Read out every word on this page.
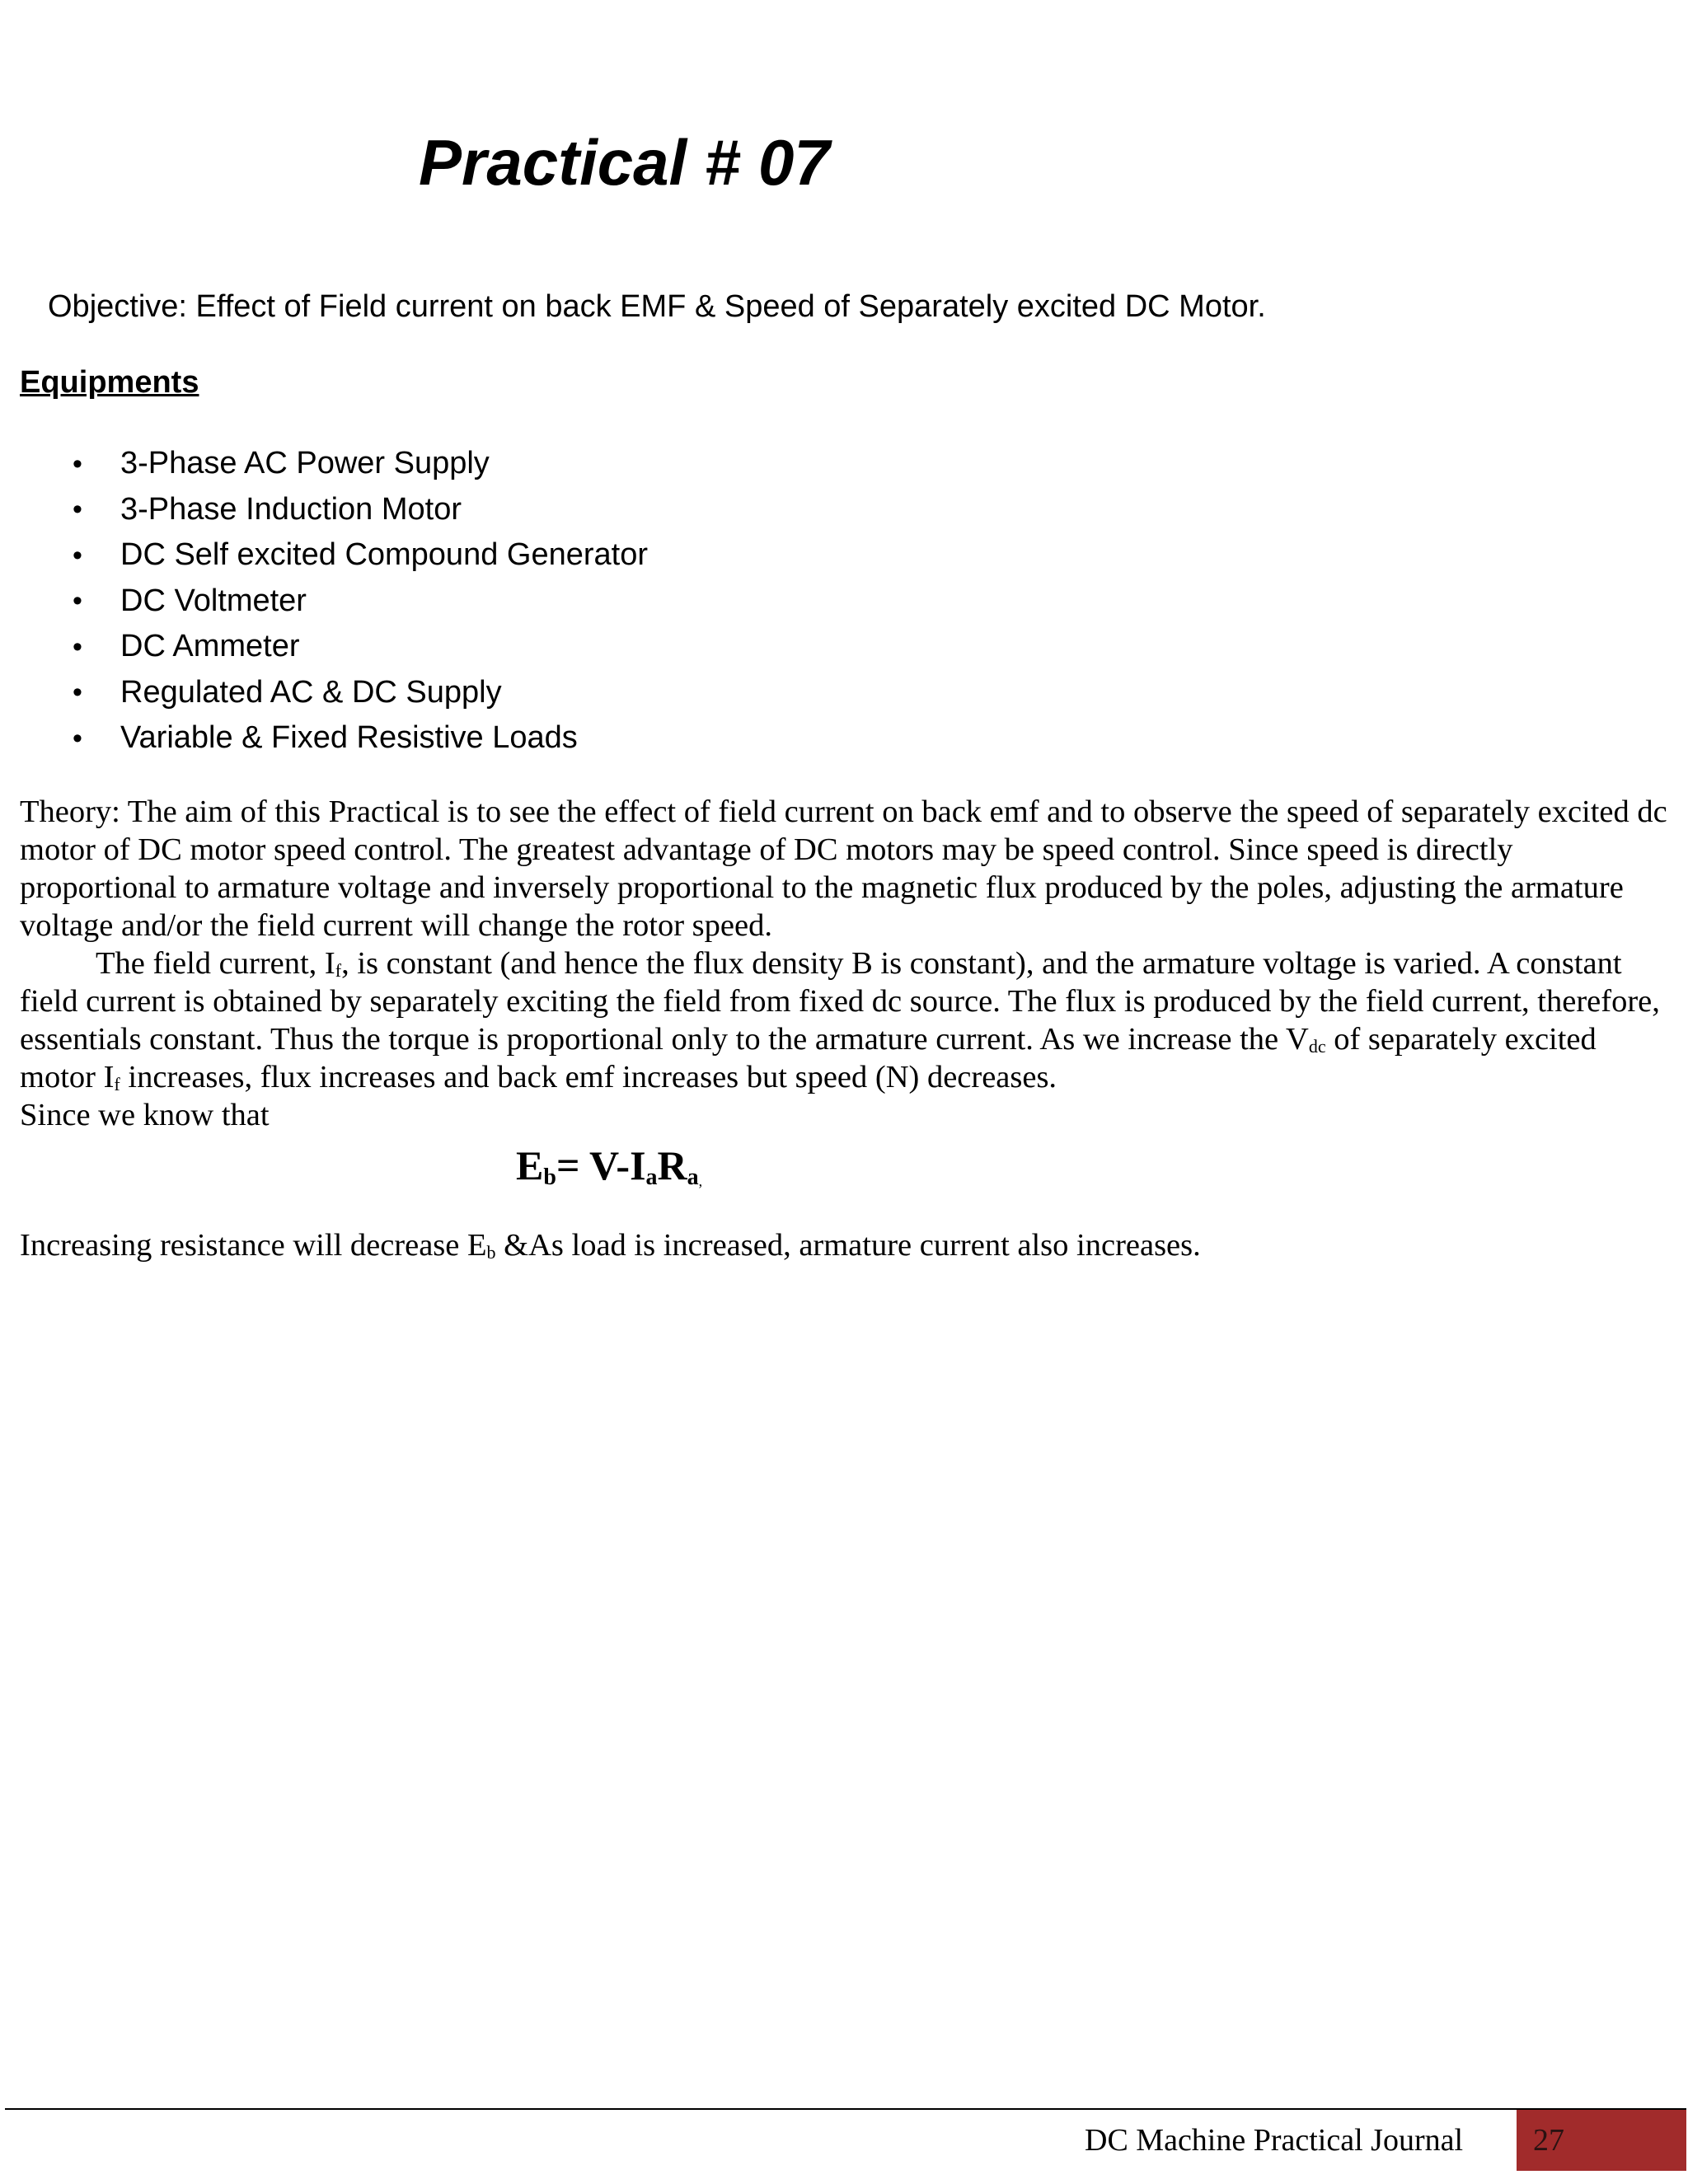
Practical # 07
Objective: Effect of Field current on back EMF & Speed of Separately excited DC Motor.
Equipments
•	3-Phase AC Power Supply
•	3-Phase Induction Motor
•	DC Self excited Compound Generator
•	DC Voltmeter
•	DC Ammeter
•	Regulated AC & DC Supply
•	Variable & Fixed Resistive Loads

Theory: The aim of this Practical is to see the effect of field current on back emf and to observe the speed of separately excited dc motor of DC motor speed control. The greatest advantage of DC motors may be speed control. Since speed is directly proportional to armature voltage and inversely proportional to the magnetic flux produced by the poles, adjusting the armature voltage and/or the field current will change the rotor speed.

The field current, $I_f$, is constant (and hence the flux density B is constant), and the armature voltage is varied. A constant field current is obtained by separately exciting the field from fixed dc source. The flux is produced by the field current, therefore, essentials constant. Thus the torque is proportional only to the armature current. As we increase the $V_{dc}$ of separately excited motor $I_f$ increases, flux increases and back emf increases but speed (N) decreases.

Since we know that

$E_b= V-I_aR_a$,
Increasing resistance will decrease $E_b$ &As load is increased, armature current also increases.
DC Machine Practical Journal 27
